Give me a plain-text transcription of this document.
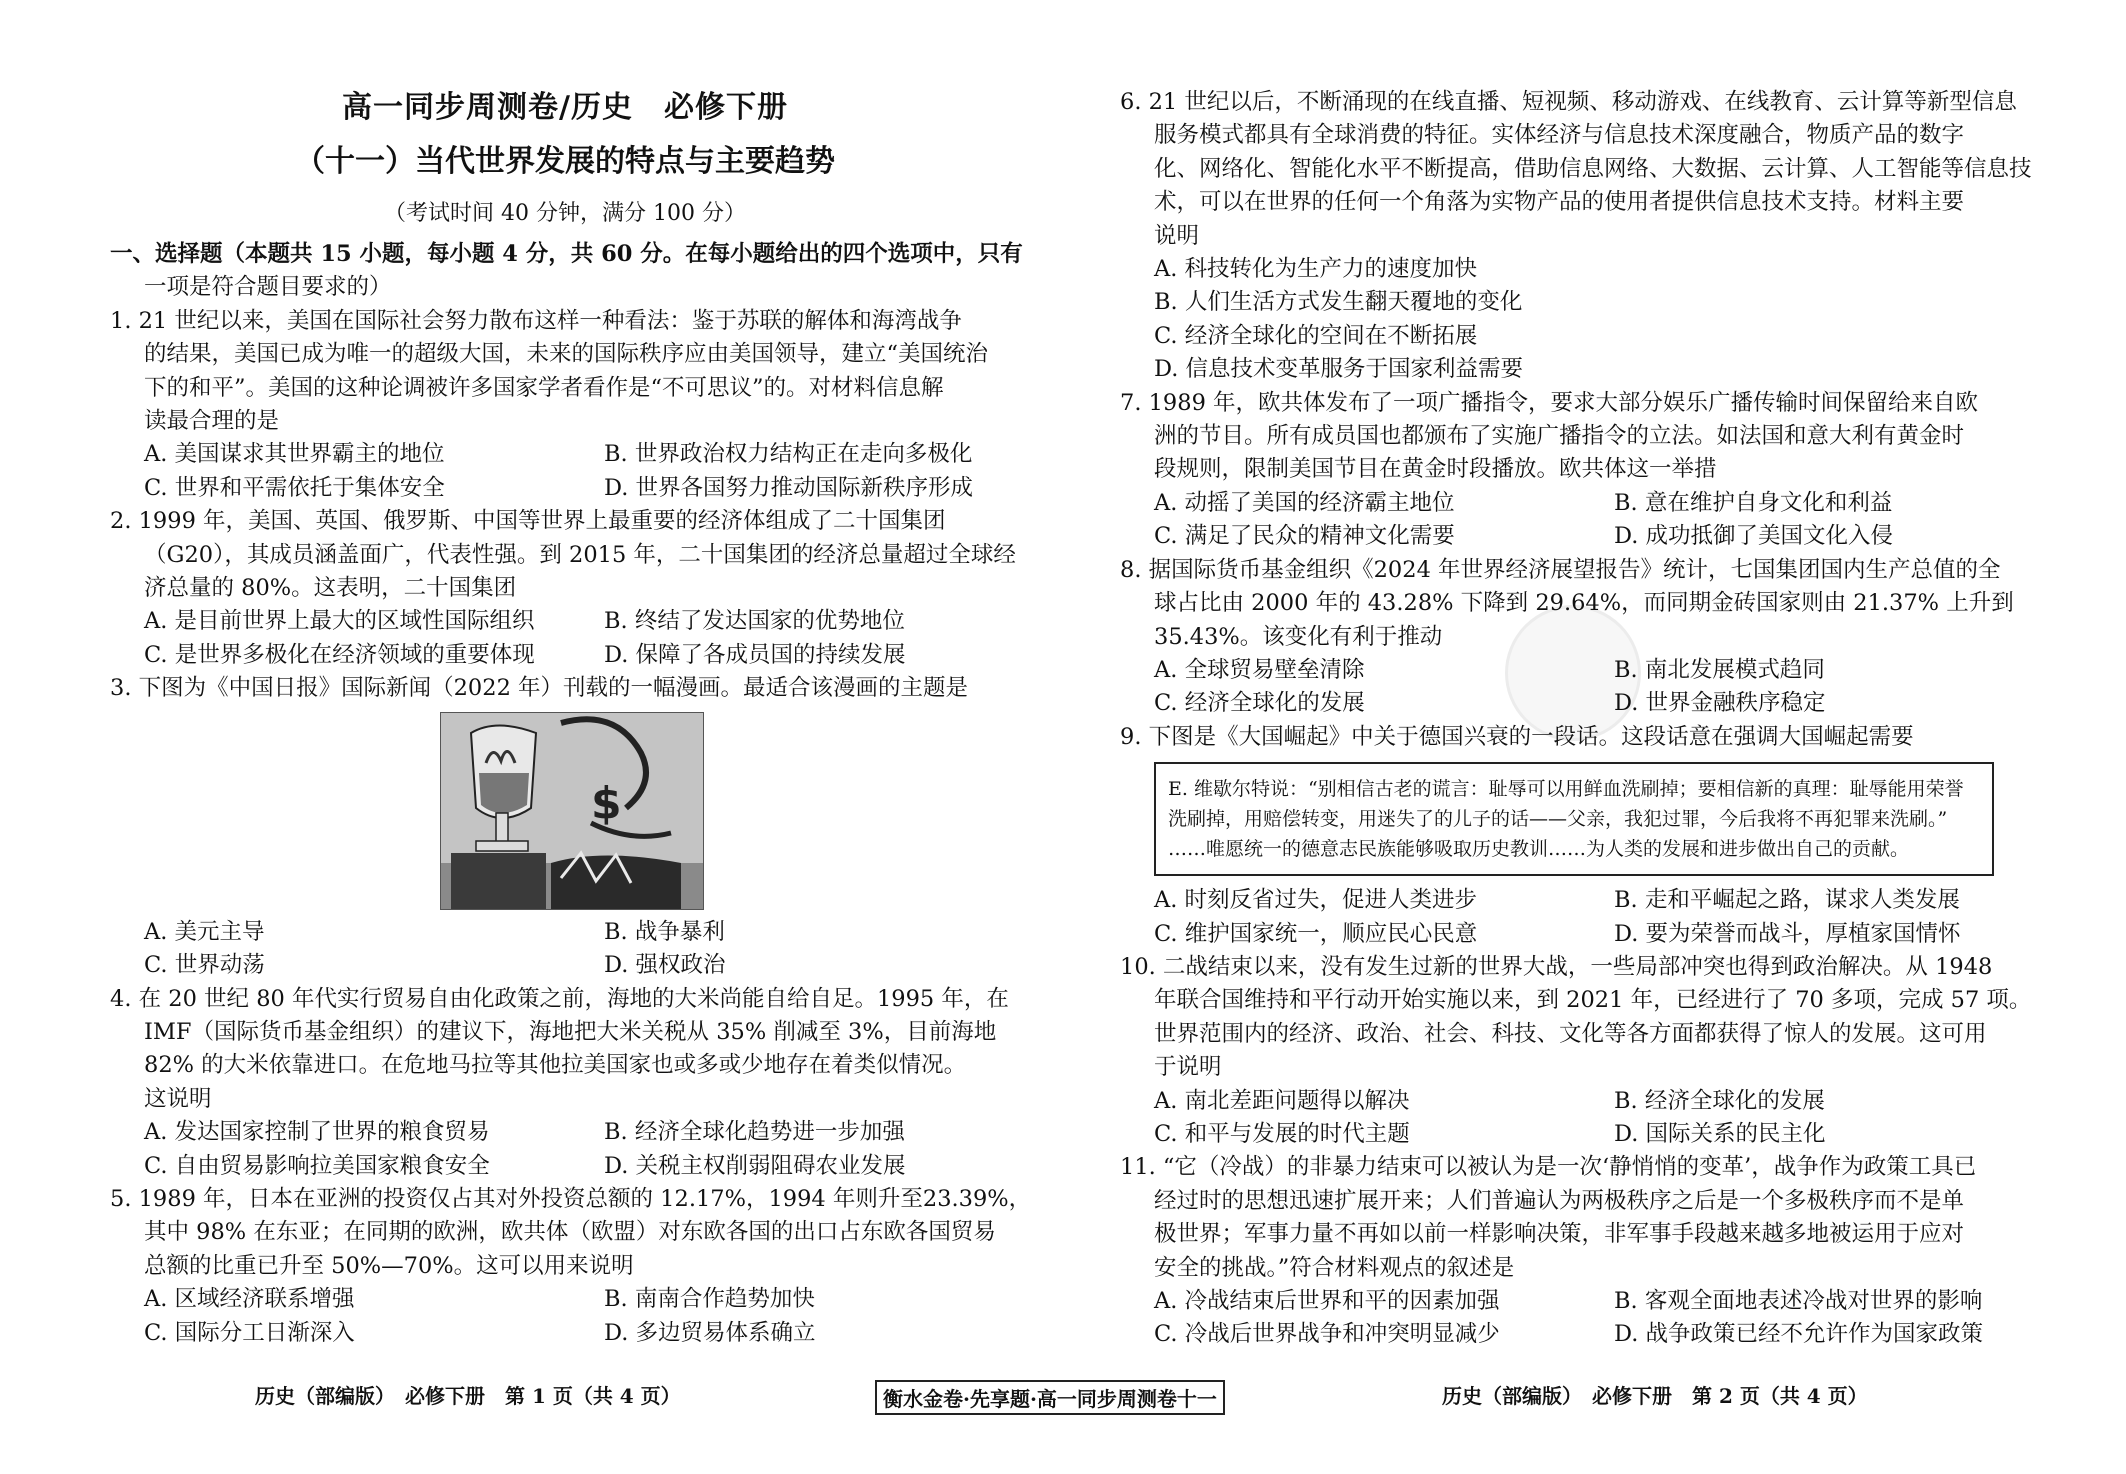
高一同步周测卷/历史　必修下册
（十一）当代世界发展的特点与主要趋势
（考试时间 40 分钟，满分 100 分）
一、选择题（本题共 15 小题，每小题 4 分，共 60 分。在每小题给出的四个选项中，只有
一项是符合题目要求的）
1. 21 世纪以来，美国在国际社会努力散布这样一种看法：鉴于苏联的解体和海湾战争
的结果，美国已成为唯一的超级大国，未来的国际秩序应由美国领导，建立“美国统治
下的和平”。美国的这种论调被许多国家学者看作是“不可思议”的。对材料信息解
读最合理的是
A. 美国谋求其世界霸主的地位	B. 世界政治权力结构正在走向多极化
C. 世界和平需依托于集体安全	D. 世界各国努力推动国际新秩序形成
2. 1999 年，美国、英国、俄罗斯、中国等世界上最重要的经济体组成了二十国集团
（G20），其成员涵盖面广，代表性强。到 2015 年，二十国集团的经济总量超过全球经
济总量的 80%。这表明，二十国集团
A. 是目前世界上最大的区域性国际组织	B. 终结了发达国家的优势地位
C. 是世界多极化在经济领域的重要体现	D. 保障了各成员国的持续发展
3. 下图为《中国日报》国际新闻（2022 年）刊载的一幅漫画。最适合该漫画的主题是
$
A. 美元主导	B. 战争暴利
C. 世界动荡	D. 强权政治
4. 在 20 世纪 80 年代实行贸易自由化政策之前，海地的大米尚能自给自足。1995 年，在
IMF（国际货币基金组织）的建议下，海地把大米关税从 35% 削减至 3%，目前海地
82% 的大米依靠进口。在危地马拉等其他拉美国家也或多或少地存在着类似情况。
这说明
A. 发达国家控制了世界的粮食贸易	B. 经济全球化趋势进一步加强
C. 自由贸易影响拉美国家粮食安全	D. 关税主权削弱阻碍农业发展
5. 1989 年，日本在亚洲的投资仅占其对外投资总额的 12.17%，1994 年则升至23.39%，
其中 98% 在东亚；在同期的欧洲，欧共体（欧盟）对东欧各国的出口占东欧各国贸易
总额的比重已升至 50%—70%。这可以用来说明
A. 区域经济联系增强	B. 南南合作趋势加快
C. 国际分工日渐深入	D. 多边贸易体系确立
6. 21 世纪以后，不断涌现的在线直播、短视频、移动游戏、在线教育、云计算等新型信息
服务模式都具有全球消费的特征。实体经济与信息技术深度融合，物质产品的数字
化、网络化、智能化水平不断提高，借助信息网络、大数据、云计算、人工智能等信息技
术，可以在世界的任何一个角落为实物产品的使用者提供信息技术支持。材料主要
说明
A. 科技转化为生产力的速度加快
B. 人们生活方式发生翻天覆地的变化
C. 经济全球化的空间在不断拓展
D. 信息技术变革服务于国家利益需要
7. 1989 年，欧共体发布了一项广播指令，要求大部分娱乐广播传输时间保留给来自欧
洲的节目。所有成员国也都颁布了实施广播指令的立法。如法国和意大利有黄金时
段规则，限制美国节目在黄金时段播放。欧共体这一举措
A. 动摇了美国的经济霸主地位	B. 意在维护自身文化和利益
C. 满足了民众的精神文化需要	D. 成功抵御了美国文化入侵
8. 据国际货币基金组织《2024 年世界经济展望报告》统计，七国集团国内生产总值的全
球占比由 2000 年的 43.28% 下降到 29.64%，而同期金砖国家则由 21.37% 上升到
35.43%。该变化有利于推动
A. 全球贸易壁垒清除	B. 南北发展模式趋同
C. 经济全球化的发展	D. 世界金融秩序稳定
9. 下图是《大国崛起》中关于德国兴衰的一段话。这段话意在强调大国崛起需要
E. 维歇尔特说：“别相信古老的谎言：耻辱可以用鲜血洗刷掉；要相信新的真理：耻辱能用荣誉
洗刷掉，用赔偿转变，用迷失了的儿子的话——父亲，我犯过罪，今后我将不再犯罪来洗刷。”
……唯愿统一的德意志民族能够吸取历史教训……为人类的发展和进步做出自己的贡献。
A. 时刻反省过失，促进人类进步	B. 走和平崛起之路，谋求人类发展
C. 维护国家统一，顺应民心民意	D. 要为荣誉而战斗，厚植家国情怀
10. 二战结束以来，没有发生过新的世界大战，一些局部冲突也得到政治解决。从 1948
年联合国维持和平行动开始实施以来，到 2021 年，已经进行了 70 多项，完成 57 项。
世界范围内的经济、政治、社会、科技、文化等各方面都获得了惊人的发展。这可用
于说明
A. 南北差距问题得以解决	B. 经济全球化的发展
C. 和平与发展的时代主题	D. 国际关系的民主化
11. “它（冷战）的非暴力结束可以被认为是一次‘静悄悄的变革’，战争作为政策工具已
经过时的思想迅速扩展开来；人们普遍认为两极秩序之后是一个多极秩序而不是单
极世界；军事力量不再如以前一样影响决策，非军事手段越来越多地被运用于应对
安全的挑战。”符合材料观点的叙述是
A. 冷战结束后世界和平的因素加强	B. 客观全面地表述冷战对世界的影响
C. 冷战后世界战争和冲突明显减少	D. 战争政策已经不允许作为国家政策
历史（部编版）　必修下册　第 1 页（共 4 页）	衡水金卷·先享题·高一同步周测卷十一	历史（部编版）　必修下册　第 2 页（共 4 页）
